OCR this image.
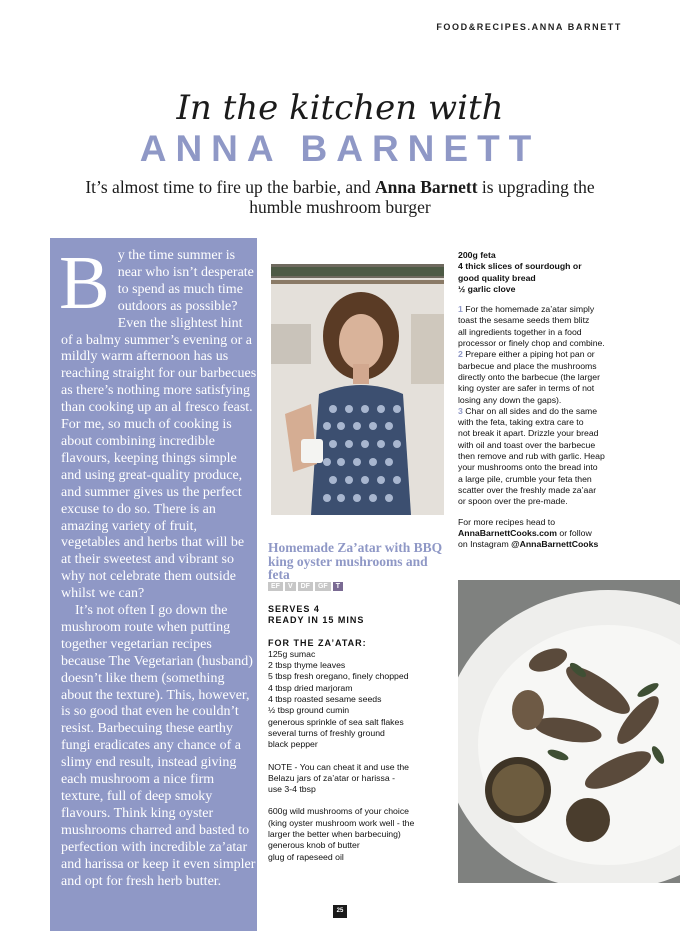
FOOD&RECIPES.ANNA BARNETT
In the kitchen with
ANNA BARNETT
It’s almost time to fire up the barbie, and Anna Barnett is upgrading the humble mushroom burger

By the time summer is near who isn’t desperate to spend as much time outdoors as possible? Even the slightest hint of a balmy summer’s evening or a mildly warm afternoon has us reaching straight for our barbecues as there’s nothing more satisfying than cooking up an al fresco feast. For me, so much of cooking is about combining incredible flavours, keeping things simple and using great-quality produce, and summer gives us the perfect excuse to do so. There is an amazing variety of fruit, vegetables and herbs that will be at their sweetest and vibrant so why not celebrate them outside whilst we can?

It’s not often I go down the mushroom route when putting together vegetarian recipes because The Vegetarian (husband) doesn’t like them (something about the texture). This, however, is so good that even he couldn’t resist. Barbecuing these earthy fungi eradicates any chance of a slimy end result, instead giving each mushroom a nice firm texture, full of deep smoky flavours. Think king oyster mushrooms charred and basted to perfection with incredible za’atar and harissa or keep it even simpler and opt for fresh herb butter.

Homemade Za’atar with BBQ king oyster mushrooms and feta
EF	V	DF	GF	T
SERVES 4
READY IN 15 MINS
FOR THE ZA’ATAR:
125g sumac
2 tbsp thyme leaves
5 tbsp fresh oregano, finely chopped
4 tbsp dried marjoram
4 tbsp roasted sesame seeds
½ tbsp ground cumin
generous sprinkle of sea salt flakes
several turns of freshly ground
black pepper
NOTE - You can cheat it and use the
Belazu jars of za’atar or harissa -
use 3-4 tbsp
600g wild mushrooms of your choice
(king oyster mushroom work well - the
larger the better when barbecuing)
generous knob of butter
glug of rapeseed oil
200g feta
4 thick slices of sourdough or
good quality bread
½ garlic clove
1 For the homemade za’atar simply
toast the sesame seeds them blitz
all ingredients together in a food
processor or finely chop and combine.
2 Prepare either a piping hot pan or
barbecue and place the mushrooms
directly onto the barbecue (the larger
king oyster are safer in terms of not
losing any down the gaps).
3 Char on all sides and do the same
with the feta, taking extra care to
not break it apart. Drizzle your bread
with oil and toast over the barbecue
then remove and rub with garlic. Heap
your mushrooms onto the bread into
a large pile, crumble your feta then
scatter over the freshly made za’aar
or spoon over the pre-made.
For more recipes head to
AnnaBarnettCooks.com or follow
on Instagram @AnnaBarnettCooks
25
